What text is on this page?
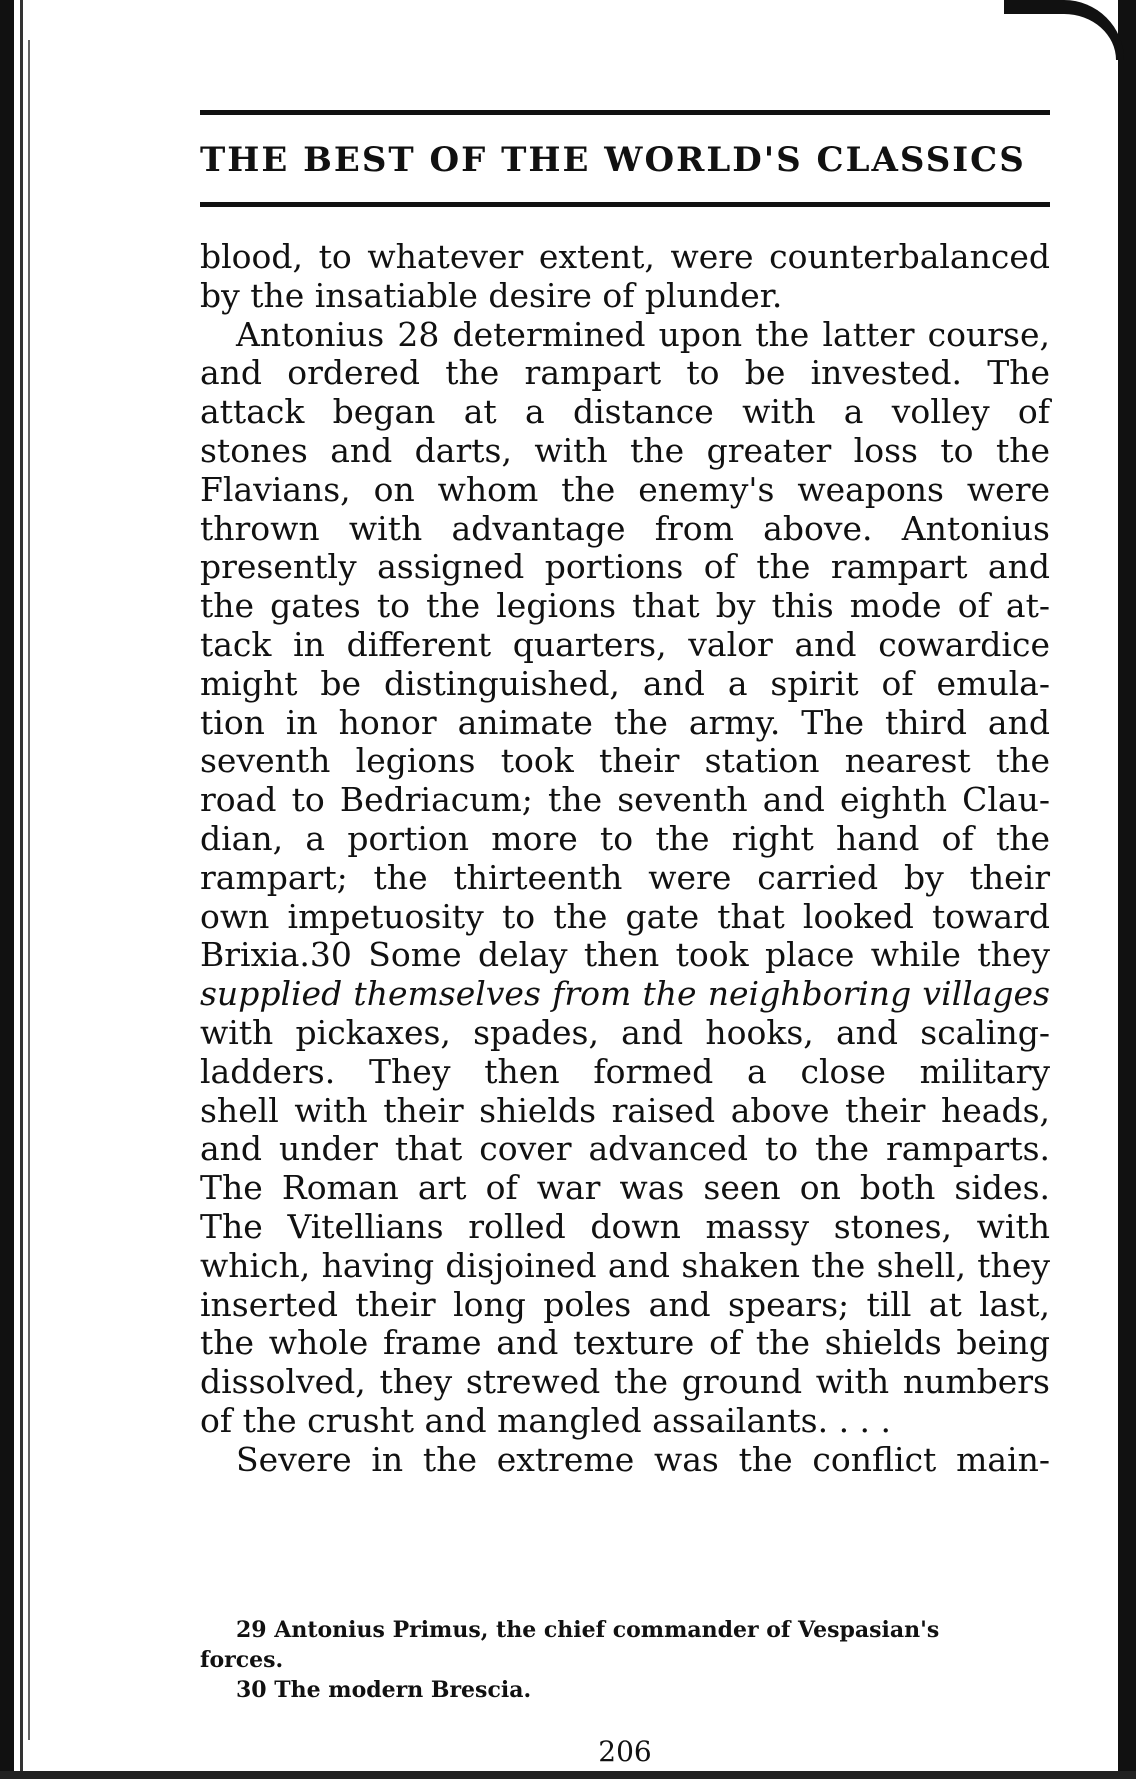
THE BEST OF THE WORLD'S CLASSICS
blood, to whatever extent, were counterbalanced
by the insatiable desire of plunder.
Antonius 28 determined upon the latter course,
and ordered the rampart to be invested. The
attack began at a distance with a volley of
stones and darts, with the greater loss to the
Flavians, on whom the enemy's weapons were
thrown with advantage from above. Antonius
presently assigned portions of the rampart and
the gates to the legions that by this mode of at-
tack in different quarters, valor and cowardice
might be distinguished, and a spirit of emula-
tion in honor animate the army. The third and
seventh legions took their station nearest the
road to Bedriacum; the seventh and eighth Clau-
dian, a portion more to the right hand of the
rampart; the thirteenth were carried by their
own impetuosity to the gate that looked toward
Brixia.30 Some delay then took place while they
supplied themselves from the neighboring villages
with pickaxes, spades, and hooks, and scaling-
ladders. They then formed a close military
shell with their shields raised above their heads,
and under that cover advanced to the ramparts.
The Roman art of war was seen on both sides.
The Vitellians rolled down massy stones, with
which, having disjoined and shaken the shell, they
inserted their long poles and spears; till at last,
the whole frame and texture of the shields being
dissolved, they strewed the ground with numbers
of the crusht and mangled assailants. . . .
Severe in the extreme was the conflict main-
29 Antonius Primus, the chief commander of Vespasian's
forces.
30 The modern Brescia.
206
